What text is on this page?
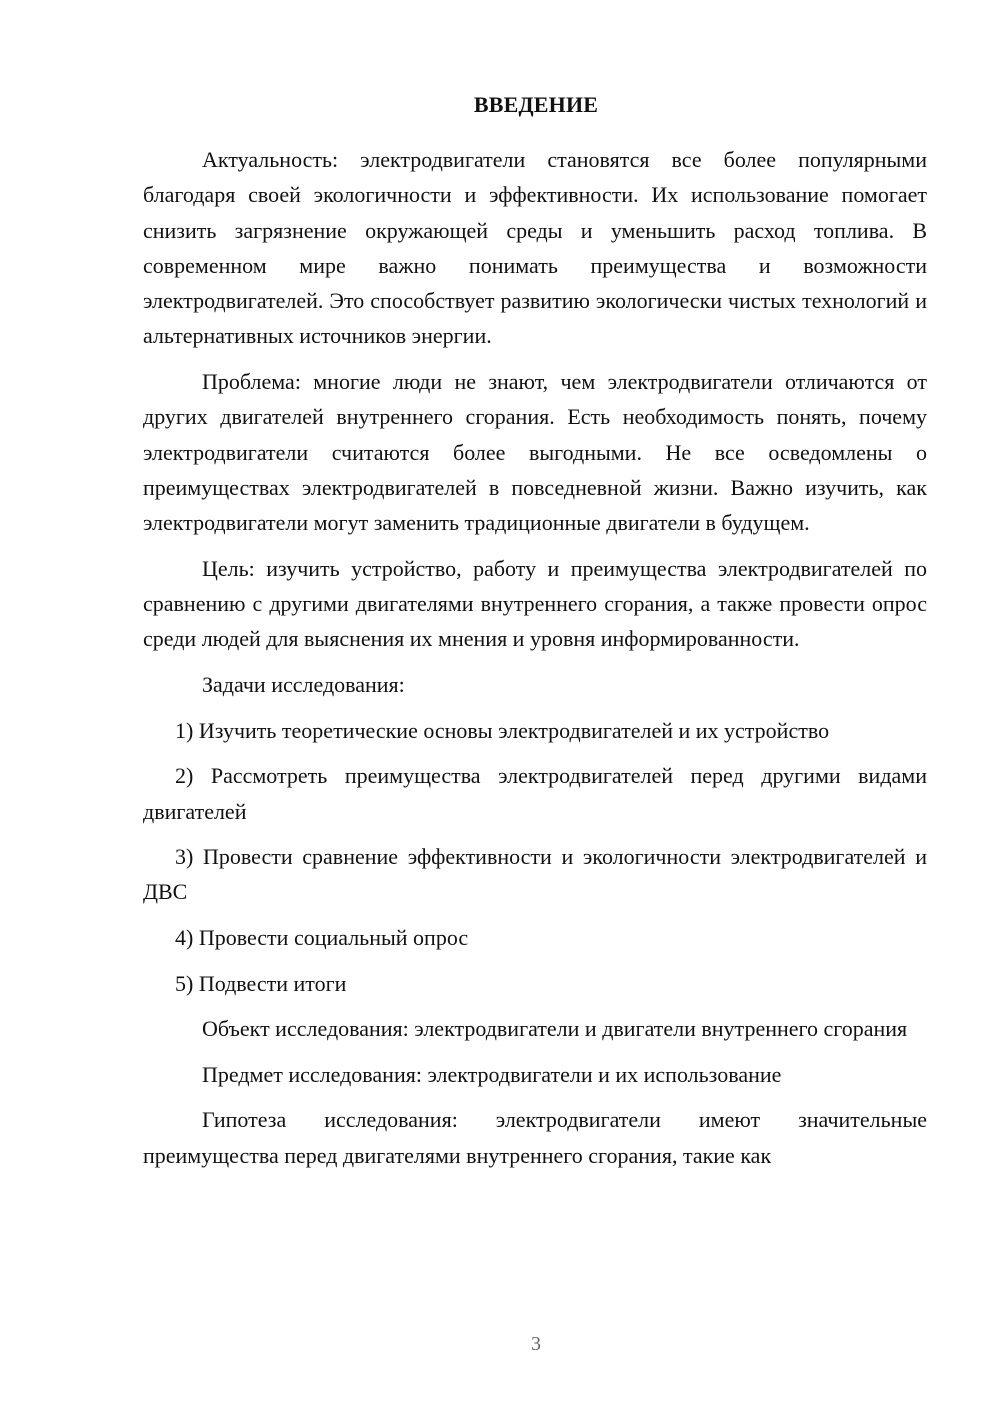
ВВЕДЕНИЕ

Актуальность: электродвигатели становятся все более популярными благодаря своей экологичности и эффективности. Их использование помогает снизить загрязнение окружающей среды и уменьшить расход топлива. В современном мире важно понимать преимущества и возможности электродвигателей. Это способствует развитию экологически чистых технологий и альтернативных источников энергии.

Проблема: многие люди не знают, чем электродвигатели отличаются от других двигателей внутреннего сгорания. Есть необходимость понять, почему электродвигатели считаются более выгодными. Не все осведомлены о преимуществах электродвигателей в повседневной жизни. Важно изучить, как электродвигатели могут заменить традиционные двигатели в будущем.

Цель: изучить устройство, работу и преимущества электродвигателей по сравнению с другими двигателями внутреннего сгорания, а также провести опрос среди людей для выяснения их мнения и уровня информированности.

Задачи исследования:

1) Изучить теоретические основы электродвигателей и их устройство

2) Рассмотреть преимущества электродвигателей перед другими видами двигателей

3) Провести сравнение эффективности и экологичности электродвигателей и ДВС

4) Провести социальный опрос

5) Подвести итоги

Объект исследования: электродвигатели и двигатели внутреннего сгорания

Предмет исследования: электродвигатели и их использование

Гипотеза исследования: электродвигатели имеют значительные преимущества перед двигателями внутреннего сгорания, такие как

3
